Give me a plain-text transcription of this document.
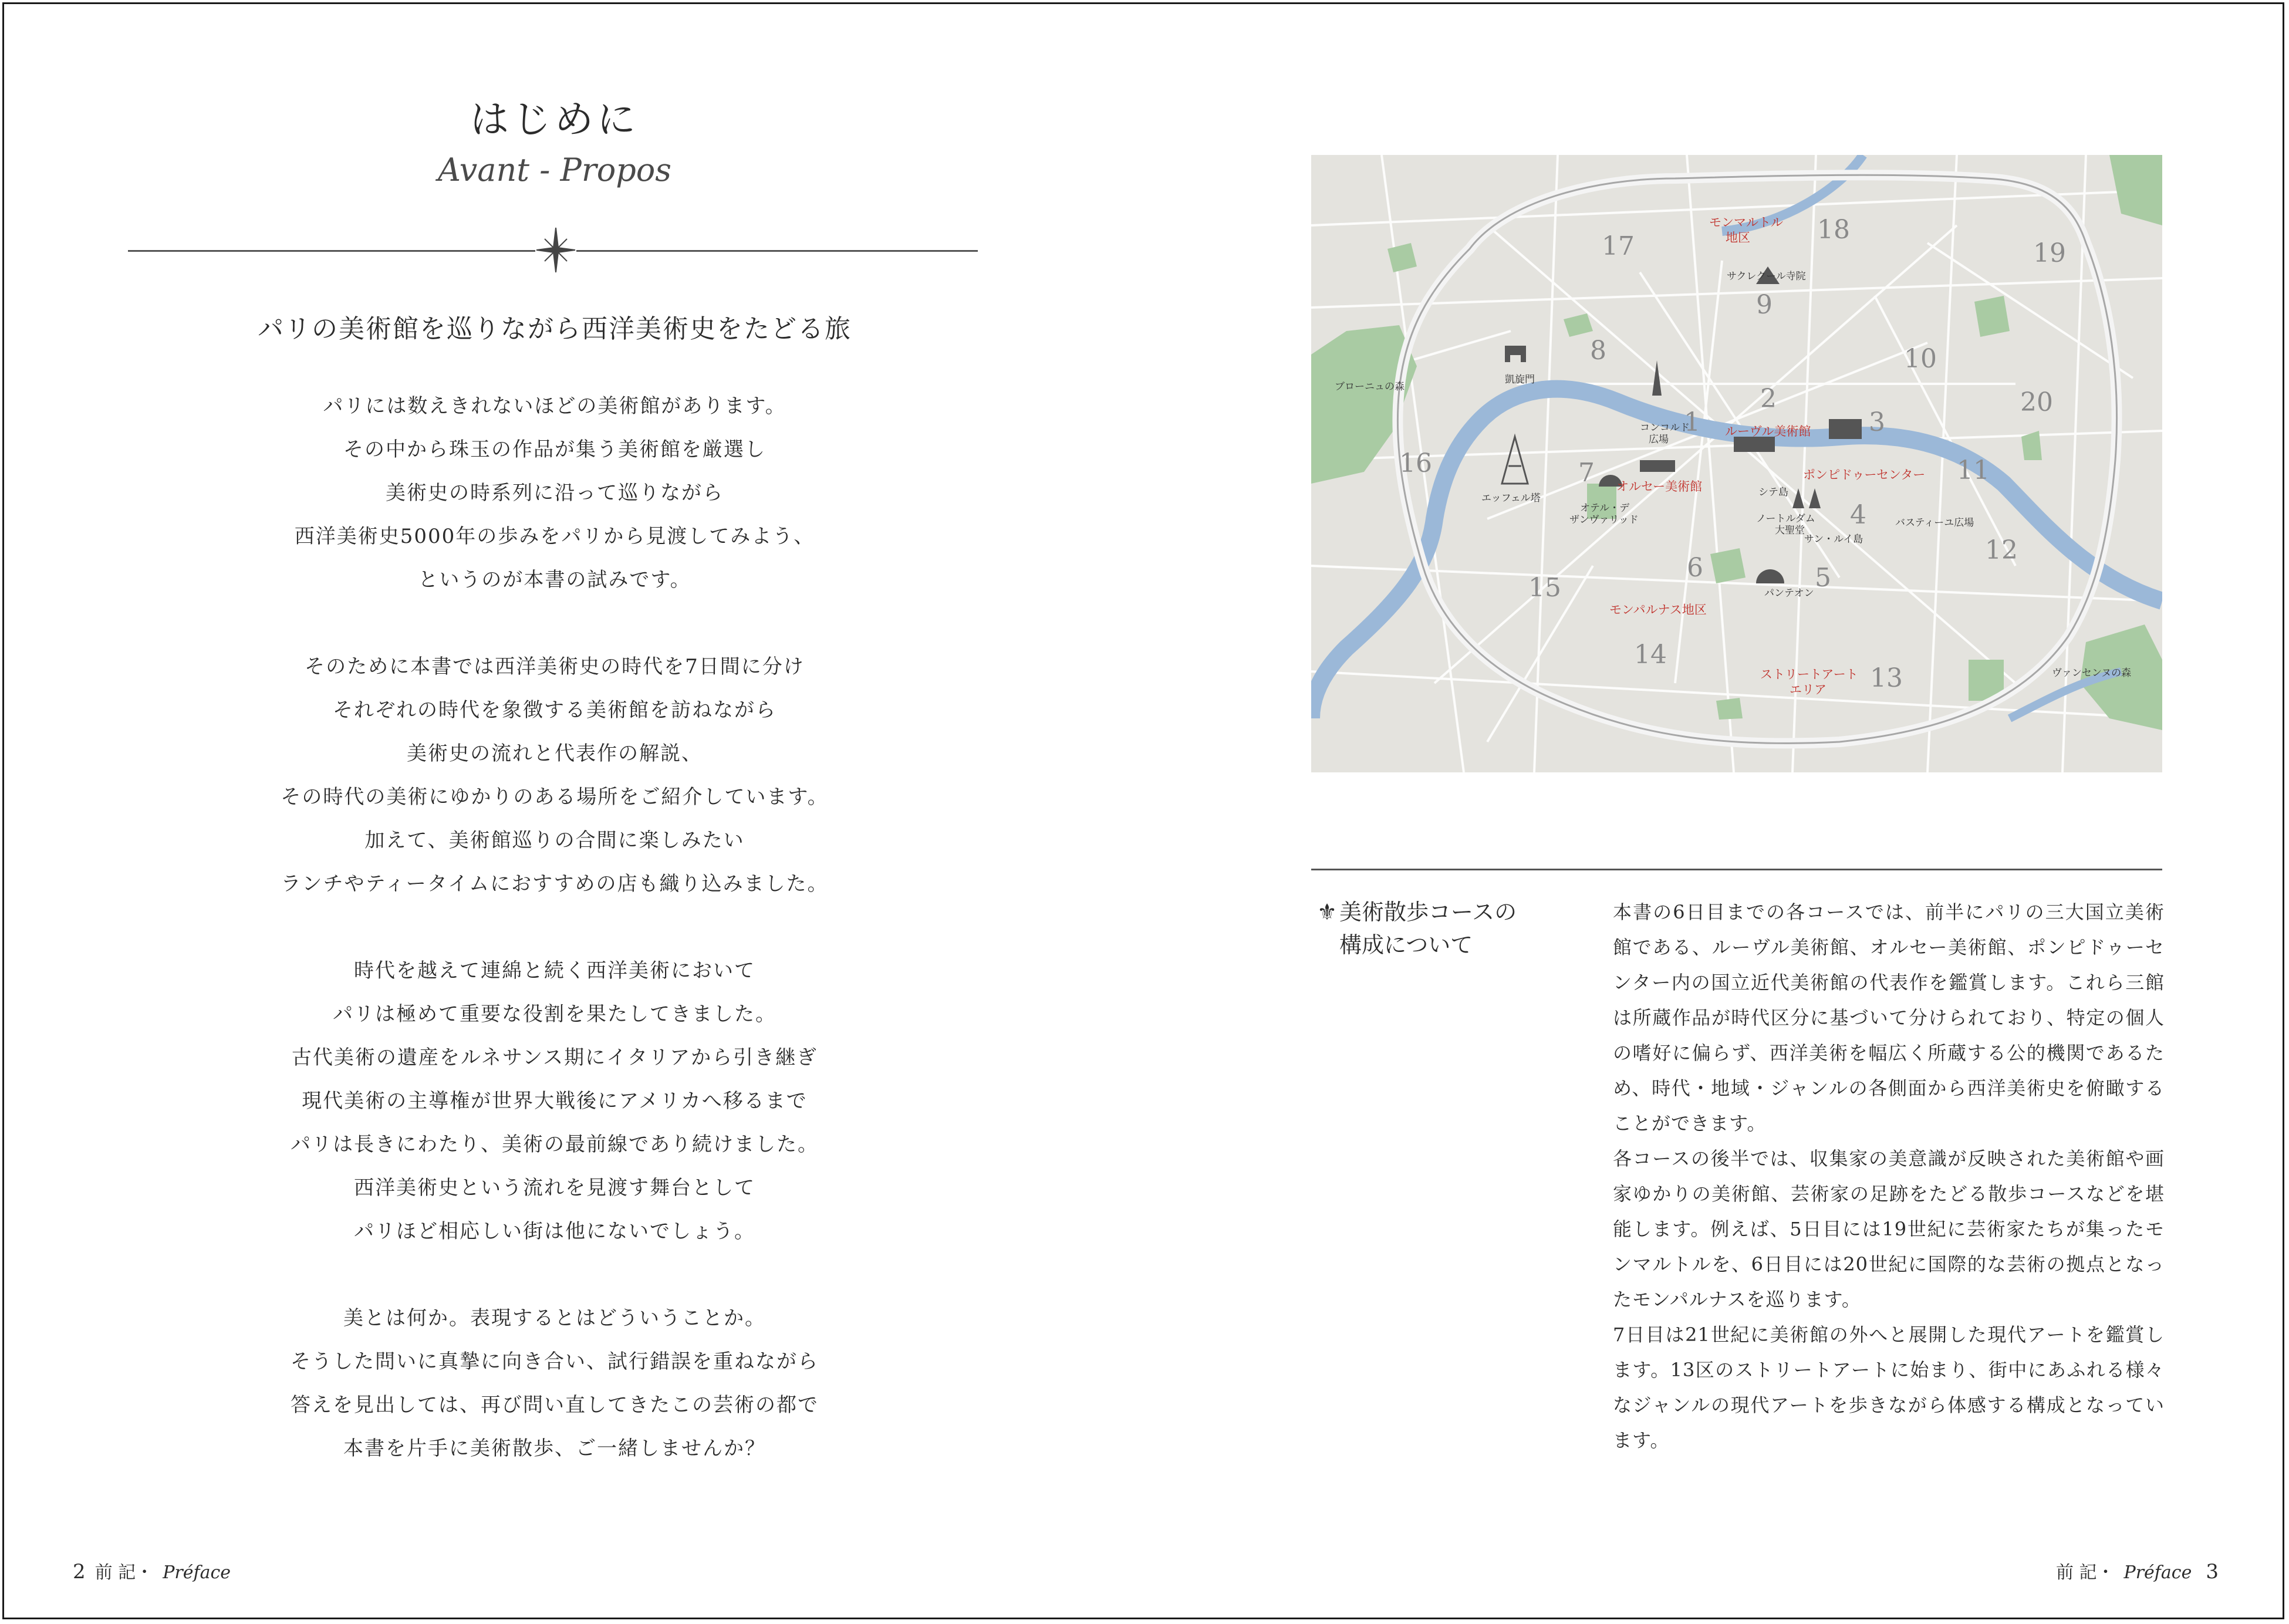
はじめに
Avant - Propos
パリの美術館を巡りながら西洋美術史をたどる旅
パリには数えきれないほどの美術館があります。
その中から珠玉の作品が集う美術館を厳選し
美術史の時系列に沿って巡りながら
西洋美術史5000年の歩みをパリから見渡してみよう、
というのが本書の試みです。
そのために本書では西洋美術史の時代を7日間に分け
それぞれの時代を象徴する美術館を訪ねながら
美術史の流れと代表作の解説、
その時代の美術にゆかりのある場所をご紹介しています。
加えて、美術館巡りの合間に楽しみたい
ランチやティータイムにおすすめの店も織り込みました。
時代を越えて連綿と続く西洋美術において
パリは極めて重要な役割を果たしてきました。
古代美術の遺産をルネサンス期にイタリアから引き継ぎ
現代美術の主導権が世界大戦後にアメリカへ移るまで
パリは長きにわたり、美術の最前線であり続けました。
西洋美術史という流れを見渡す舞台として
パリほど相応しい街は他にないでしょう。
美とは何か。表現するとはどういうことか。
そうした問いに真摯に向き合い、試行錯誤を重ねながら
答えを見出しては、再び問い直してきたこの芸術の都で
本書を片手に美術散歩、ご一緒しませんか？
2 前 記・ Préface
1
2
3
4
5
6
7
8
9
10
11
12
13
14
15
16
17
18
19
20
モンマルトル
地区
ルーヴル美術館
オルセー美術館
ポンピドゥーセンター
モンパルナス地区
ストリートアート
エリア
サクレクール寺院
凱旋門
ブローニュの森
コンコルド
広場
エッフェル塔
オテル・デ
ザンヴァリッド
シテ島
ノートルダム
大聖堂
サン・ルイ島
バスティーユ広場
パンテオン
ヴァンセンヌの森
⚜ 美術散歩コースの
構成について

本書の6日目までの各コースでは、前半にパリの三大国立美術館である、ルーヴル美術館、オルセー美術館、ポンピドゥーセンター内の国立近代美術館の代表作を鑑賞します。これら三館は所蔵作品が時代区分に基づいて分けられており、特定の個人の嗜好に偏らず、西洋美術を幅広く所蔵する公的機関であるため、時代・地域・ジャンルの各側面から西洋美術史を俯瞰することができます。

各コースの後半では、収集家の美意識が反映された美術館や画家ゆかりの美術館、芸術家の足跡をたどる散歩コースなどを堪能します。例えば、5日目には19世紀に芸術家たちが集ったモンマルトルを、6日目には20世紀に国際的な芸術の拠点となったモンパルナスを巡ります。

7日目は21世紀に美術館の外へと展開した現代アートを鑑賞します。13区のストリートアートに始まり、街中にあふれる様々なジャンルの現代アートを歩きながら体感する構成となっています。

前 記・ Préface 3
